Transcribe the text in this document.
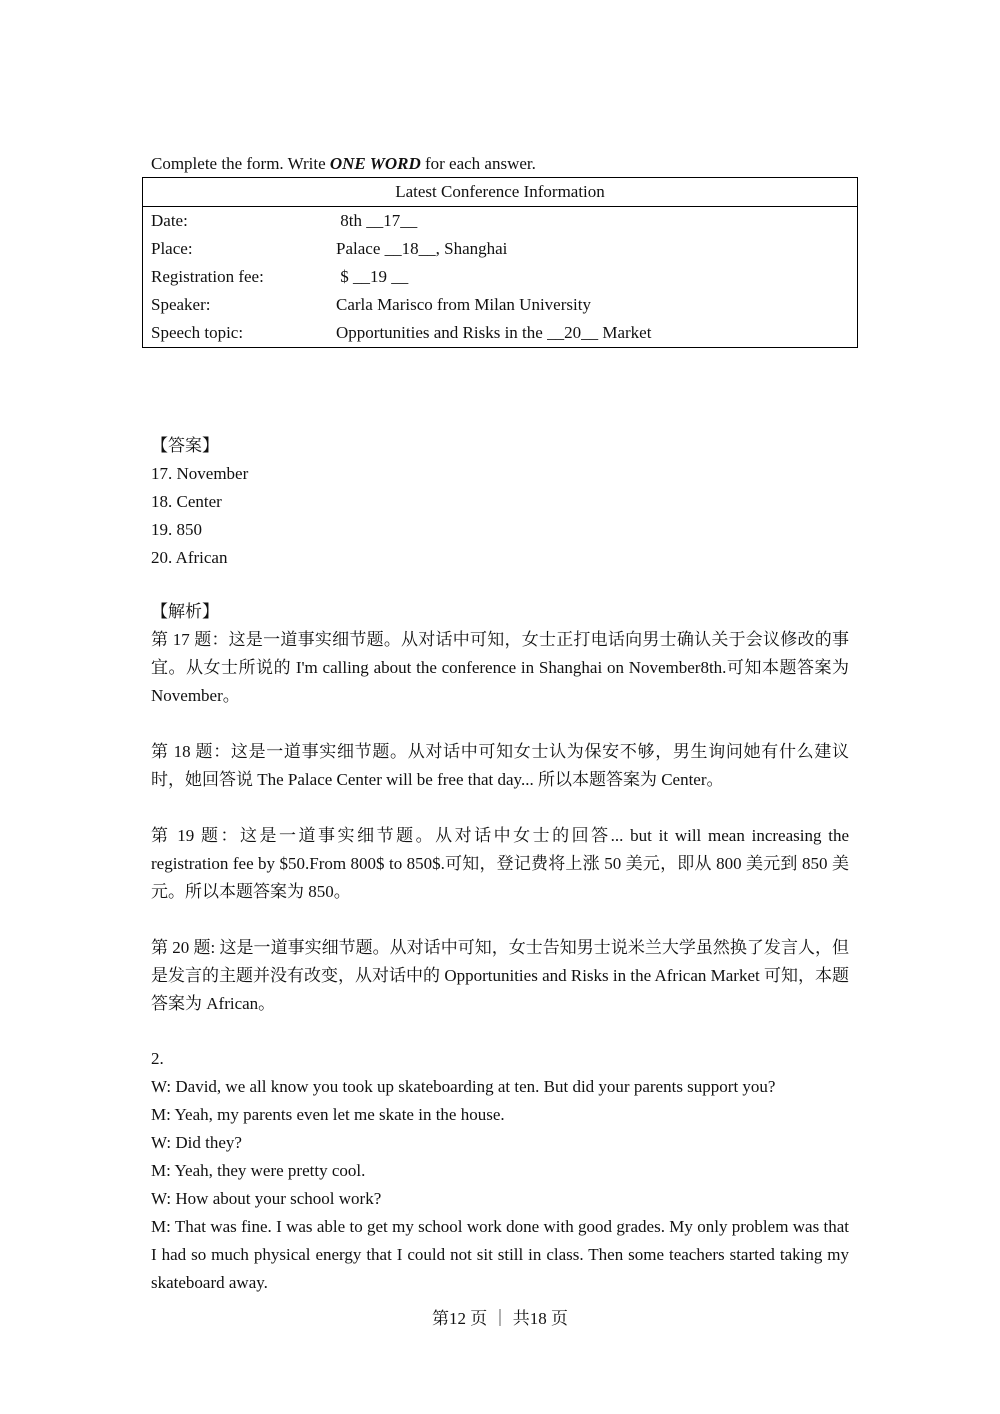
Complete the form. Write ONE WORD for each answer.
Latest Conference Information	
Date:	8th __17__
Place:	Palace __18__, Shanghai
Registration fee:	$ __19 __
Speaker:	Carla Marisco from Milan University
Speech topic:	Opportunities and Risks in the __20__ Market
【答案】
17. November
18. Center
19. 850
20. African

【解析】

第 17 题：这是一道事实细节题。从对话中可知，女士正打电话向男士确认关于会议修改的事宜。从女士所说的 I'm calling about the conference in Shanghai on November8th.可知本题答案为 November。

第 18 题：这是一道事实细节题。从对话中可知女士认为保安不够，男生询问她有什么建议时，她回答说 The Palace Center will be free that day... 所以本题答案为 Center。

第 19 题：这是一道事实细节题。从对话中女士的回答... but it will mean increasing the registration fee by $50.From 800$ to 850$.可知，登记费将上涨 50 美元，即从 800 美元到 850 美元。所以本题答案为 850。

第 20 题: 这是一道事实细节题。从对话中可知，女士告知男士说米兰大学虽然换了发言人，但是发言的主题并没有改变，从对话中的 Opportunities and Risks in the African Market 可知，本题答案为 African。

2.

W: David, we all know you took up skateboarding at ten. But did your parents support you?

M: Yeah, my parents even let me skate in the house.

W: Did they?

M: Yeah, they were pretty cool.

W: How about your school work?

M: That was fine. I was able to get my school work done with good grades. My only problem was that I had so much physical energy that I could not sit still in class. Then some teachers started taking my skateboard away.

第12 页 ｜ 共18 页
